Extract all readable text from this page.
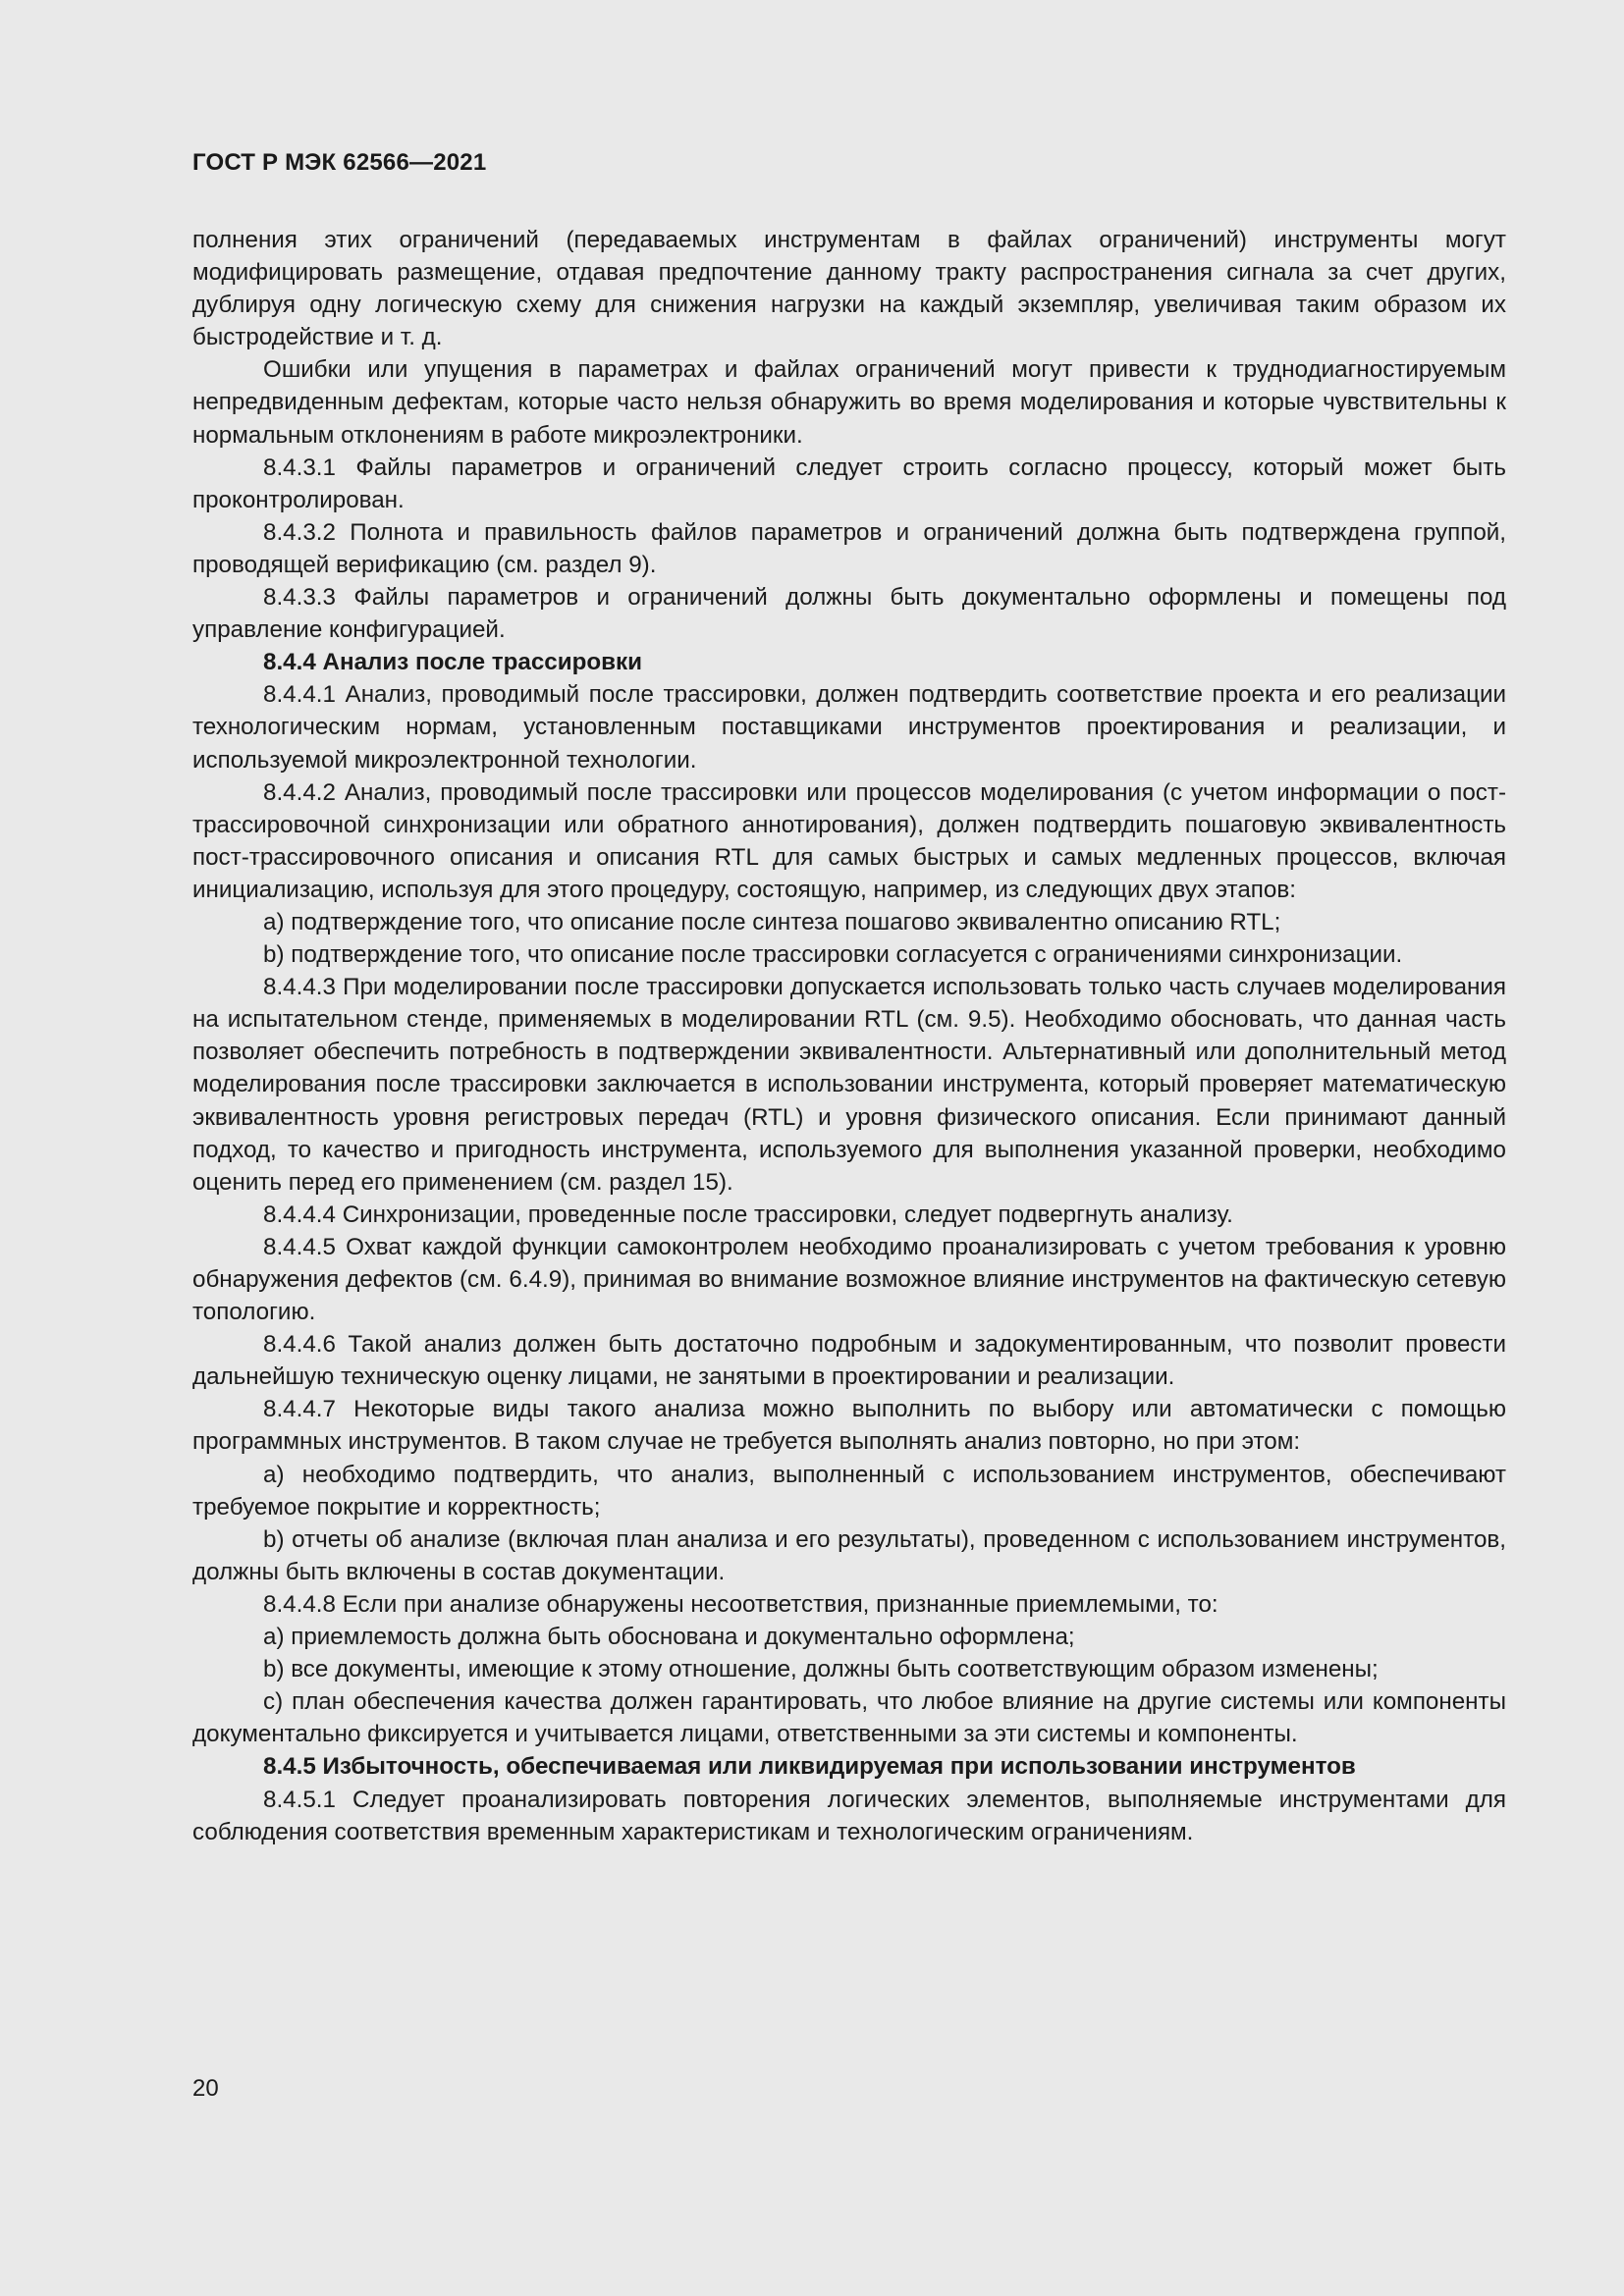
ГОСТ Р МЭК 62566—2021

полнения этих ограничений (передаваемых инструментам в файлах ограничений) инструменты могут модифицировать размещение, отдавая предпочтение данному тракту распространения сигнала за счет других, дублируя одну логическую схему для снижения нагрузки на каждый экземпляр, увеличивая таким образом их быстродействие и т. д.

Ошибки или упущения в параметрах и файлах ограничений могут привести к труднодиагностируемым непредвиденным дефектам, которые часто нельзя обнаружить во время моделирования и которые чувствительны к нормальным отклонениям в работе микроэлектроники.

8.4.3.1 Файлы параметров и ограничений следует строить согласно процессу, который может быть проконтролирован.

8.4.3.2 Полнота и правильность файлов параметров и ограничений должна быть подтверждена группой, проводящей верификацию (см. раздел 9).

8.4.3.3 Файлы параметров и ограничений должны быть документально оформлены и помещены под управление конфигурацией.

8.4.4 Анализ после трассировки

8.4.4.1 Анализ, проводимый после трассировки, должен подтвердить соответствие проекта и его реализации технологическим нормам, установленным поставщиками инструментов проектирования и реализации, и используемой микроэлектронной технологии.

8.4.4.2 Анализ, проводимый после трассировки или процессов моделирования (с учетом информации о пост-трассировочной синхронизации или обратного аннотирования), должен подтвердить пошаговую эквивалентность пост-трассировочного описания и описания RTL для самых быстрых и самых медленных процессов, включая инициализацию, используя для этого процедуру, состоящую, например, из следующих двух этапов:

a) подтверждение того, что описание после синтеза пошагово эквивалентно описанию RTL;

b) подтверждение того, что описание после трассировки согласуется с ограничениями синхронизации.

8.4.4.3 При моделировании после трассировки допускается использовать только часть случаев моделирования на испытательном стенде, применяемых в моделировании RTL (см. 9.5). Необходимо обосновать, что данная часть позволяет обеспечить потребность в подтверждении эквивалентности. Альтернативный или дополнительный метод моделирования после трассировки заключается в использовании инструмента, который проверяет математическую эквивалентность уровня регистровых передач (RTL) и уровня физического описания. Если принимают данный подход, то качество и пригодность инструмента, используемого для выполнения указанной проверки, необходимо оценить перед его применением (см. раздел 15).

8.4.4.4 Синхронизации, проведенные после трассировки, следует подвергнуть анализу.

8.4.4.5 Охват каждой функции самоконтролем необходимо проанализировать с учетом требования к уровню обнаружения дефектов (см. 6.4.9), принимая во внимание возможное влияние инструментов на фактическую сетевую топологию.

8.4.4.6 Такой анализ должен быть достаточно подробным и задокументированным, что позволит провести дальнейшую техническую оценку лицами, не занятыми в проектировании и реализации.

8.4.4.7 Некоторые виды такого анализа можно выполнить по выбору или автоматически с помощью программных инструментов. В таком случае не требуется выполнять анализ повторно, но при этом:

a) необходимо подтвердить, что анализ, выполненный с использованием инструментов, обеспечивают требуемое покрытие и корректность;

b) отчеты об анализе (включая план анализа и его результаты), проведенном с использованием инструментов, должны быть включены в состав документации.

8.4.4.8 Если при анализе обнаружены несоответствия, признанные приемлемыми, то:

a) приемлемость должна быть обоснована и документально оформлена;

b) все документы, имеющие к этому отношение, должны быть соответствующим образом изменены;

c) план обеспечения качества должен гарантировать, что любое влияние на другие системы или компоненты документально фиксируется и учитывается лицами, ответственными за эти системы и компоненты.

8.4.5 Избыточность, обеспечиваемая или ликвидируемая при использовании инструментов

8.4.5.1 Следует проанализировать повторения логических элементов, выполняемые инструментами для соблюдения соответствия временным характеристикам и технологическим ограничениям.

20
